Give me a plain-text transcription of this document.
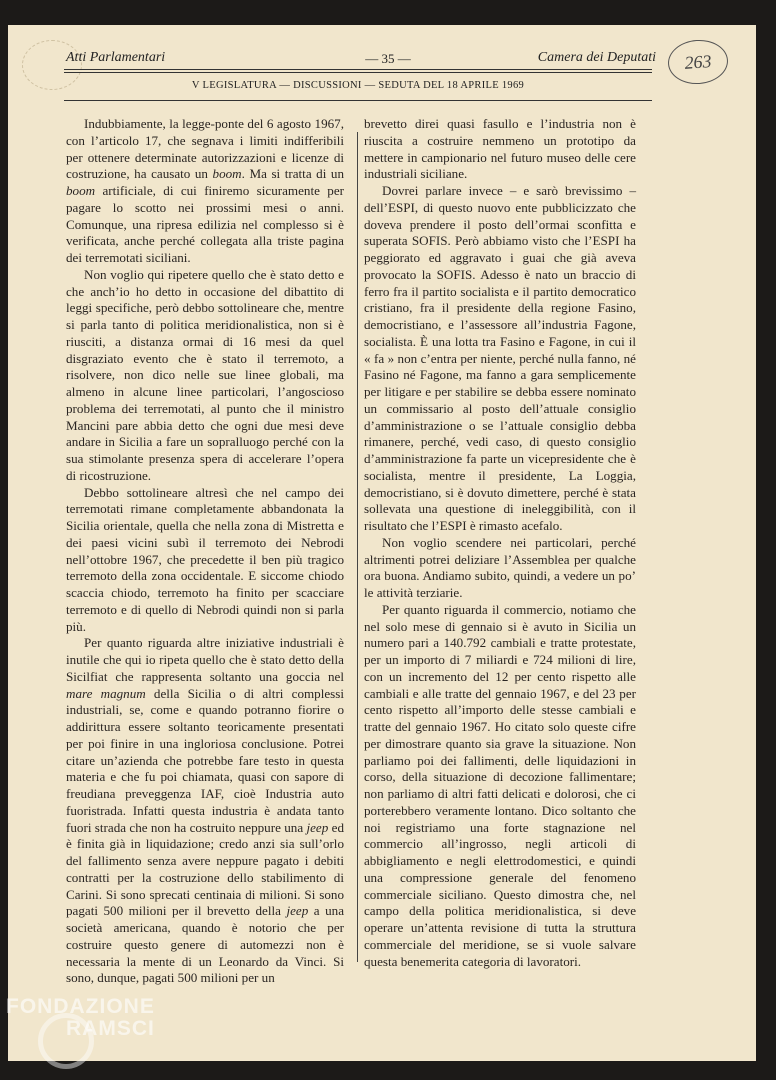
263
Atti Parlamentari	— 35 —	Camera dei Deputati
V LEGISLATURA — DISCUSSIONI — SEDUTA DEL 18 APRILE 1969

Indubbiamente, la legge-ponte del 6 agosto 1967, con l’articolo 17, che segnava i limiti indifferibili per ottenere determinate autorizzazioni e licenze di costruzione, ha causato un boom. Ma si tratta di un boom artificiale, di cui finiremo sicuramente per pagare lo scotto nei prossimi mesi o anni. Comunque, una ripresa edilizia nel complesso si è verificata, anche perché collegata alla triste pagina dei terremotati siciliani.

Non voglio qui ripetere quello che è stato detto e che anch’io ho detto in occasione del dibattito di leggi specifiche, però debbo sottolineare che, mentre si parla tanto di politica meridionalistica, non si è riusciti, a distanza ormai di 16 mesi da quel disgraziato evento che è stato il terremoto, a risolvere, non dico nelle sue linee globali, ma almeno in alcune linee particolari, l’angoscioso problema dei terremotati, al punto che il ministro Mancini pare abbia detto che ogni due mesi deve andare in Sicilia a fare un sopralluogo perché con la sua stimolante presenza spera di accelerare l’opera di ricostruzione.

Debbo sottolineare altresì che nel campo dei terremotati rimane completamente abbandonata la Sicilia orientale, quella che nella zona di Mistretta e dei paesi vicini subì il terremoto dei Nebrodi nell’ottobre 1967, che precedette il ben più tragico terremoto della zona occidentale. E siccome chiodo scaccia chiodo, terremoto ha finito per scacciare terremoto e di quello di Nebrodi quindi non si parla più.

Per quanto riguarda altre iniziative industriali è inutile che qui io ripeta quello che è stato detto della Sicilfiat che rappresenta soltanto una goccia nel mare magnum della Sicilia o di altri complessi industriali, se, come e quando potranno fiorire o addirittura essere soltanto teoricamente presentati per poi finire in una ingloriosa conclusione. Potrei citare un’azienda che potrebbe fare testo in questa materia e che fu poi chiamata, quasi con sapore di freudiana preveggenza IAF, cioè Industria auto fuoristrada. Infatti questa industria è andata tanto fuori strada che non ha costruito neppure una jeep ed è finita già in liquidazione; credo anzi sia sull’orlo del fallimento senza avere neppure pagato i debiti contratti per la costruzione dello stabilimento di Carini. Si sono sprecati centinaia di milioni. Si sono pagati 500 milioni per il brevetto della jeep a una società americana, quando è notorio che per costruire questo genere di automezzi non è necessaria la mente di un Leonardo da Vinci. Si sono, dunque, pagati 500 milioni per un

brevetto direi quasi fasullo e l’industria non è riuscita a costruire nemmeno un prototipo da mettere in campionario nel futuro museo delle cere industriali siciliane.

Dovrei parlare invece – e sarò brevissimo – dell’ESPI, di questo nuovo ente pubblicizzato che doveva prendere il posto dell’ormai sconfitta e superata SOFIS. Però abbiamo visto che l’ESPI ha peggiorato ed aggravato i guai che già aveva provocato la SOFIS. Adesso è nato un braccio di ferro fra il partito socialista e il partito democratico cristiano, fra il presidente della regione Fasino, democristiano, e l’assessore all’industria Fagone, socialista. È una lotta tra Fasino e Fagone, in cui il « fa » non c’entra per niente, perché nulla fanno, né Fasino né Fagone, ma fanno a gara semplicemente per litigare e per stabilire se debba essere nominato un commissario al posto dell’attuale consiglio d’amministrazione o se l’attuale consiglio debba rimanere, perché, vedi caso, di questo consiglio d’amministrazione fa parte un vicepresidente che è socialista, mentre il presidente, La Loggia, democristiano, si è dovuto dimettere, perché è stata sollevata una questione di ineleggibilità, con il risultato che l’ESPI è rimasto acefalo.

Non voglio scendere nei particolari, perché altrimenti potrei deliziare l’Assemblea per qualche ora buona. Andiamo subito, quindi, a vedere un po’ le attività terziarie.

Per quanto riguarda il commercio, notiamo che nel solo mese di gennaio si è avuto in Sicilia un numero pari a 140.792 cambiali e tratte protestate, per un importo di 7 miliardi e 724 milioni di lire, con un incremento del 12 per cento rispetto alle cambiali e alle tratte del gennaio 1967, e del 23 per cento rispetto all’importo delle stesse cambiali e tratte del gennaio 1967. Ho citato solo queste cifre per dimostrare quanto sia grave la situazione. Non parliamo poi dei fallimenti, delle liquidazioni in corso, della situazione di decozione fallimentare; non parliamo di altri fatti delicati e dolorosi, che ci porterebbero veramente lontano. Dico soltanto che noi registriamo una forte stagnazione nel commercio all’ingrosso, negli articoli di abbigliamento e negli elettrodomestici, e quindi una compressione generale del fenomeno commerciale siciliano. Questo dimostra che, nel campo della politica meridionalistica, si deve operare un’attenta revisione di tutta la struttura commerciale del meridione, se si vuole salvare questa benemerita categoria di lavoratori.

FONDAZIONE
RAMSCI
